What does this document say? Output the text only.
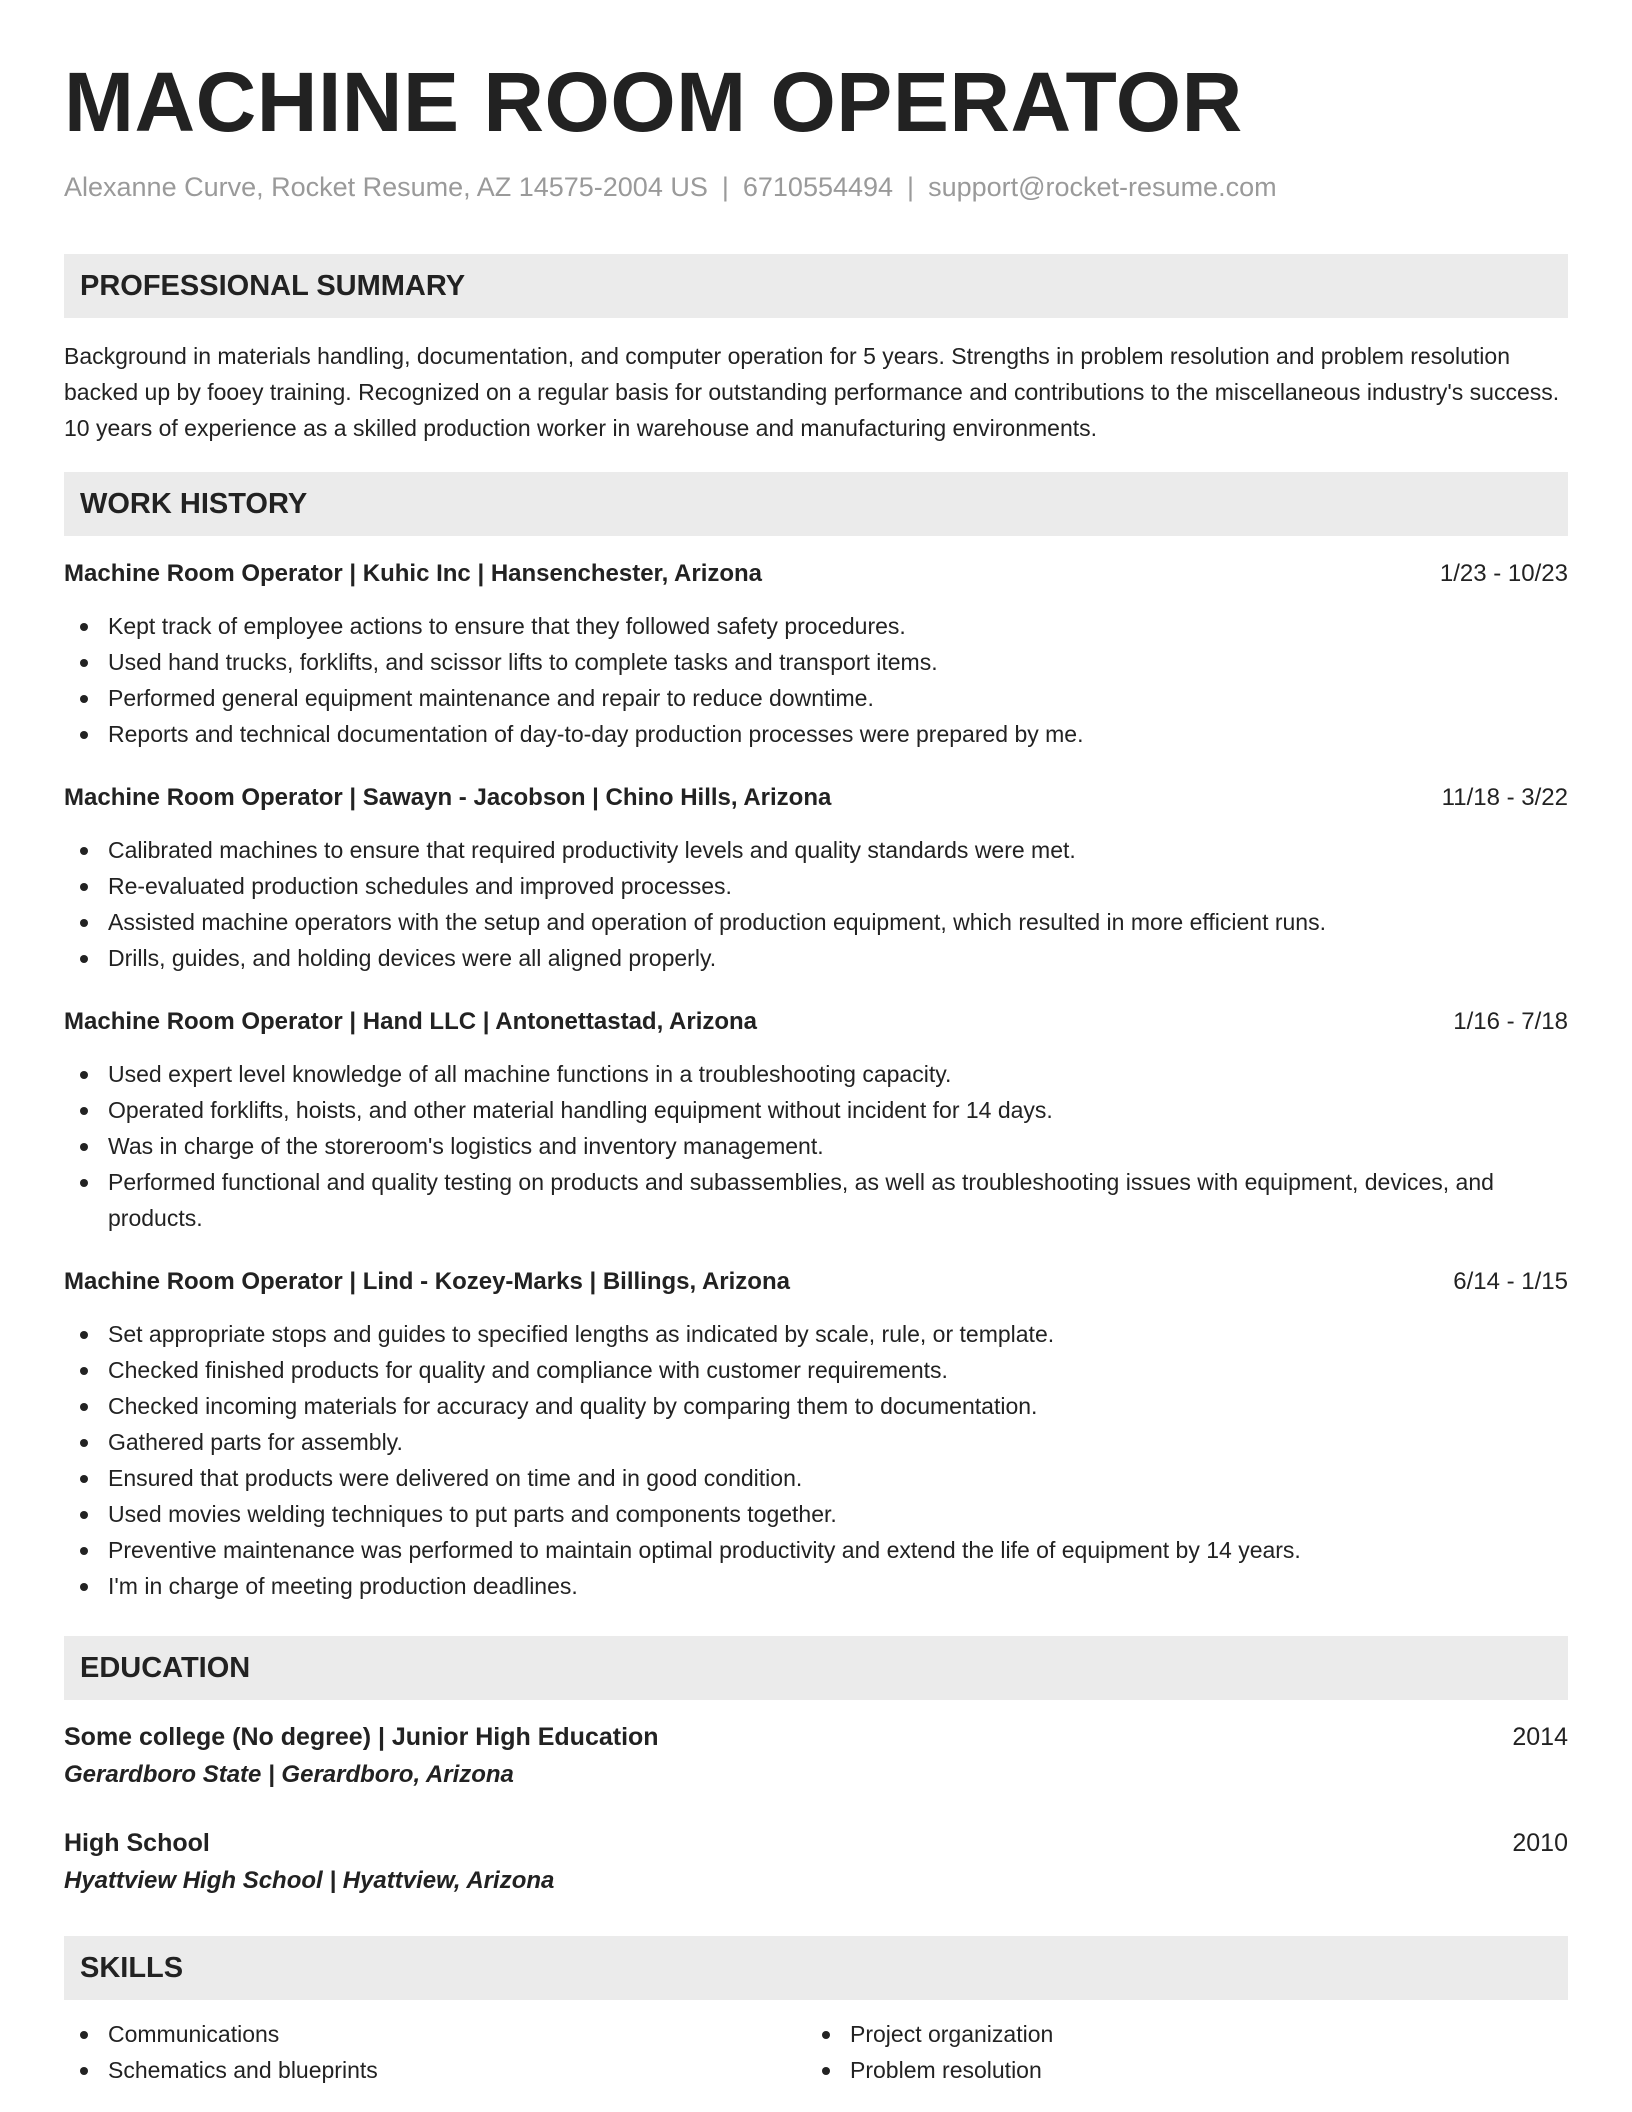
MACHINE ROOM OPERATOR
Alexanne Curve, Rocket Resume, AZ 14575-2004 US | 6710554494 | support@rocket-resume.com
PROFESSIONAL SUMMARY

Background in materials handling, documentation, and computer operation for 5 years. Strengths in problem resolution and problem resolution backed up by fooey training. Recognized on a regular basis for outstanding performance and contributions to the miscellaneous industry's success. 10 years of experience as a skilled production worker in warehouse and manufacturing environments.

WORK HISTORY
Machine Room Operator | Kuhic Inc | Hansenchester, Arizona	1/23 - 10/23
Kept track of employee actions to ensure that they followed safety procedures.
Used hand trucks, forklifts, and scissor lifts to complete tasks and transport items.
Performed general equipment maintenance and repair to reduce downtime.
Reports and technical documentation of day-to-day production processes were prepared by me.
Machine Room Operator | Sawayn - Jacobson | Chino Hills, Arizona	11/18 - 3/22
Calibrated machines to ensure that required productivity levels and quality standards were met.
Re-evaluated production schedules and improved processes.
Assisted machine operators with the setup and operation of production equipment, which resulted in more efficient runs.
Drills, guides, and holding devices were all aligned properly.
Machine Room Operator | Hand LLC | Antonettastad, Arizona	1/16 - 7/18
Used expert level knowledge of all machine functions in a troubleshooting capacity.
Operated forklifts, hoists, and other material handling equipment without incident for 14 days.
Was in charge of the storeroom's logistics and inventory management.
Performed functional and quality testing on products and subassemblies, as well as troubleshooting issues with equipment, devices, and products.
Machine Room Operator | Lind - Kozey-Marks | Billings, Arizona	6/14 - 1/15
Set appropriate stops and guides to specified lengths as indicated by scale, rule, or template.
Checked finished products for quality and compliance with customer requirements.
Checked incoming materials for accuracy and quality by comparing them to documentation.
Gathered parts for assembly.
Ensured that products were delivered on time and in good condition.
Used movies welding techniques to put parts and components together.
Preventive maintenance was performed to maintain optimal productivity and extend the life of equipment by 14 years.
I'm in charge of meeting production deadlines.
EDUCATION
Some college (No degree) | Junior High Education	2014
Gerardboro State | Gerardboro, Arizona
High School	2010
Hyattview High School | Hyattview, Arizona
SKILLS
Communications
Schematics and blueprints
Project organization
Problem resolution
